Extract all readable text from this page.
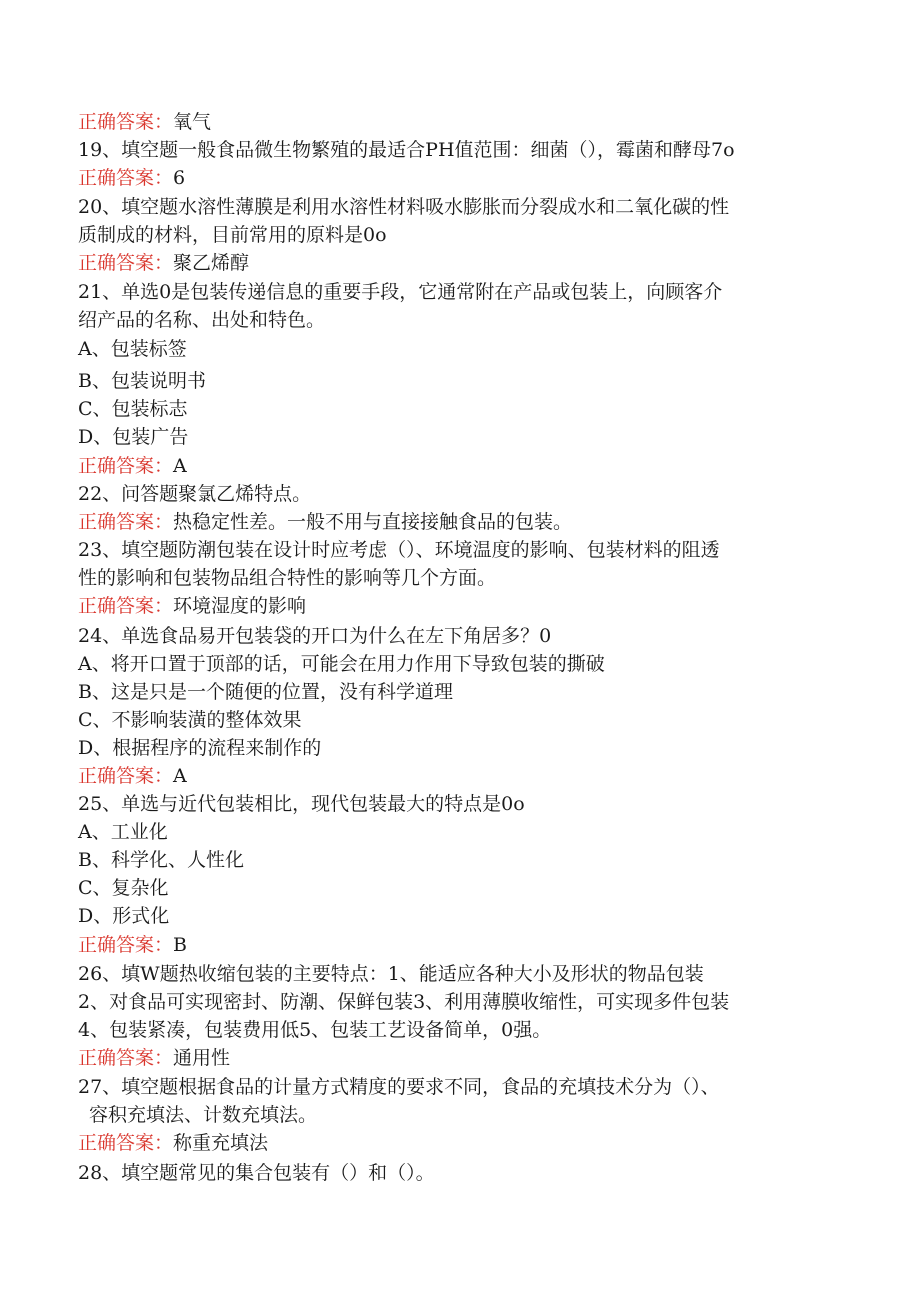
正确答案：氧气
19、填空题一般食品微生物繁殖的最适合PH值范围：细菌（），霉菌和酵母7o
正确答案：6
20、填空题水溶性薄膜是利用水溶性材料吸水膨胀而分裂成水和二氧化碳的性
质制成的材料，目前常用的原料是0o
正确答案：聚乙烯醇
21、单选0是包装传递信息的重要手段，它通常附在产品或包装上，向顾客介
绍产品的名称、出处和特色。
A、包装标签
B、包装说明书
C、包装标志
D、包装广告
正确答案：A
22、问答题聚氯乙烯特点。
正确答案：热稳定性差。一般不用与直接接触食品的包装。
23、填空题防潮包装在设计时应考虑（）、环境温度的影响、包装材料的阻透
性的影响和包装物品组合特性的影响等几个方面。
正确答案：环境湿度的影响
24、单选食品易开包装袋的开口为什么在左下角居多？0
A、将开口置于顶部的话，可能会在用力作用下导致包装的撕破
B、这是只是一个随便的位置，没有科学道理
C、不影响装潢的整体效果
D、根据程序的流程来制作的
正确答案：A
25、单选与近代包装相比，现代包装最大的特点是0o
A、工业化
B、科学化、人性化
C、复杂化
D、形式化
正确答案：B
26、填W题热收缩包装的主要特点：1、能适应各种大小及形状的物品包装
2、对食品可实现密封、防潮、保鲜包装3、利用薄膜收缩性，可实现多件包装
4、包装紧凑，包装费用低5、包装工艺设备简单，0强。
正确答案：通用性
27、填空题根据食品的计量方式精度的要求不同，食品的充填技术分为（）、
容积充填法、计数充填法。
正确答案：称重充填法
28、填空题常见的集合包装有（）和（）。
